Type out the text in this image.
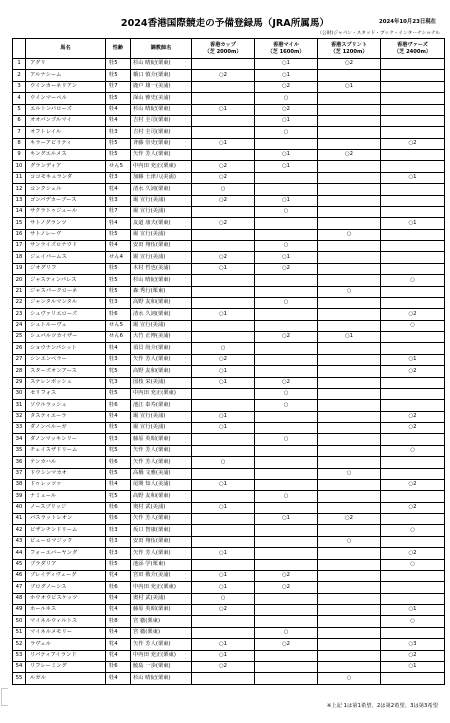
2024香港国際競走の予備登録馬（JRA所属馬）	2024年10月23日現在
（公財)ジャパン・スタッド・ブック・インターナショナル
	馬名	性齢	調教師名	香港カップ
（芝 2000m）	香港マイル
（芝 1600m）	香港スプリント
（芝 1200m）	香港ヴァーズ
（芝 2400m）
1	アグリ	牡5	杉山 晴紀(栗東)		○1	○2	
2	アルナシーム	牡5	橋口 慎介(栗東)	○2	○1		
3	ウインカーネリアン	牡7	鹿戸 雄一(美浦)		○2	○1	
4	ウインマーベル	牡5	深山 雅史(美浦)		○		
5	エルトンバローズ	牡4	杉山 晴紀(栗東)	○1	○2		
6	オオバンブルマイ	牡4	吉村 圭司(栗東)		○1		
7	オフトレイル	牡3	吉村 圭司(栗東)		○		
8	キラーアビリティ	牡5	斉藤 崇史(栗東)	○1			○2
9	キングエルメス	牡5	矢作 芳人(栗東)		○1	○2	
10	グランディア	せん5	中内田 充正(栗東)	○2	○1		
11	ココモキュランダ	牡3	加藤 士津八(美浦)	○2			○1
12	コンクシェル	牝4	清水 久詞(栗東)	○			
13	ゴンバデカーブース	牡3	堀 宣行(美浦)	○2	○1		
14	サクラトゥジュール	牡7	堀 宣行(美浦)		○		
15	サトノグランツ	牡4	友道 康夫(栗東)	○2			○1
16	サトノレーヴ	牡5	堀 宣行(美浦)			○	
17	サンライズロナウド	牡4	安田 翔伍(栗東)		○		
18	ジェイパームス	せん4	堀 宣行(美浦)	○2	○1		
19	ジオグリフ	牡5	木村 哲也(美浦)	○1	○2		
20	ジャスティンパレス	牡5	杉山 晴紀(栗東)				○
21	ジャスパークローネ	牡5	森 秀行(栗東)			○	
22	ジャンタルマンタル	牡3	高野 友和(栗東)		○		
23	シュヴァリエローズ	牡6	清水 久詞(栗東)	○1			○2
24	シュトルーヴェ	せん5	堀 宣行(美浦)				○
25	シュバルツカイザー	せん6	大竹 正博(美浦)		○2	○1	
26	ショウナンパシット	牡4	須貝 尚介(栗東)	○			
27	シンエンペラー	牡3	矢作 芳人(栗東)	○2			○1
28	スターズオンアース	牝5	高野 友和(栗東)	○1			○2
29	ステレンボッシュ	牝3	国枝 栄(美浦)	○1	○2		
30	セリフォス	牡5	中内田 充正(栗東)		○		
31	ソウルラッシュ	牡6	池江 泰寿(栗東)		○		
32	タスティエーラ	牡4	堀 宣行(美浦)	○1			○2
33	ダノンベルーガ	牡5	堀 宣行(美浦)	○1			○2
34	ダノンマッキンリー	牡3	藤原 英昭(栗東)		○		
35	チェイスザドリーム	牝5	矢作 芳人(栗東)				○
36	テンカハル	牡6	矢作 芳人(栗東)	○			
37	ドウシンマカオ	牡5	高橋 文雅(美浦)			○	
38	ドゥレッツァ	牡4	尾関 知人(美浦)	○1			○2
39	ナミュール	牝5	高野 友和(栗東)		○		
40	ノースブリッジ	牡6	奥村 武(美浦)	○1			○2
41	バスラットレオン	牡6	矢作 芳人(栗東)		○1	○2	
42	ビザンチンドリーム	牡3	坂口 智康(栗東)				○
43	ビューロマジック	牡3	安田 翔伍(栗東)			○	
44	フォーエバーヤング	牡3	矢作 芳人(栗東)	○1			○2
45	ブラダリア	牡5	池添 学(栗東)				○
46	ブレイディヴェーグ	牝4	宮田 敬介(美浦)	○1	○2		
47	ブログノーシス	牡6	中内田 充正(栗東)	○1	○2		
48	ホウオウビスケッツ	牡4	奥村 武(美浦)	○			
49	ホールネス	牝4	藤原 英昭(栗東)	○2			○1
50	マイネルウィルトス	牡8	宮 徹(栗東)				○
51	マイネルメモリー	牡4	宮 徹(栗東)		○		
52	ラヴェル	牝4	矢作 芳人(栗東)	○1	○2		○3
53	リバティアイランド	牝4	中内田 充正(栗東)	○1			○2
54	リフレーミング	牡6	鮫島 一歩(栗東)	○2			○1
55	ルガル	牡4	杉山 晴紀(栗東)			○	
※上記 1は第1希望、2は第2希望、3は第3希望
